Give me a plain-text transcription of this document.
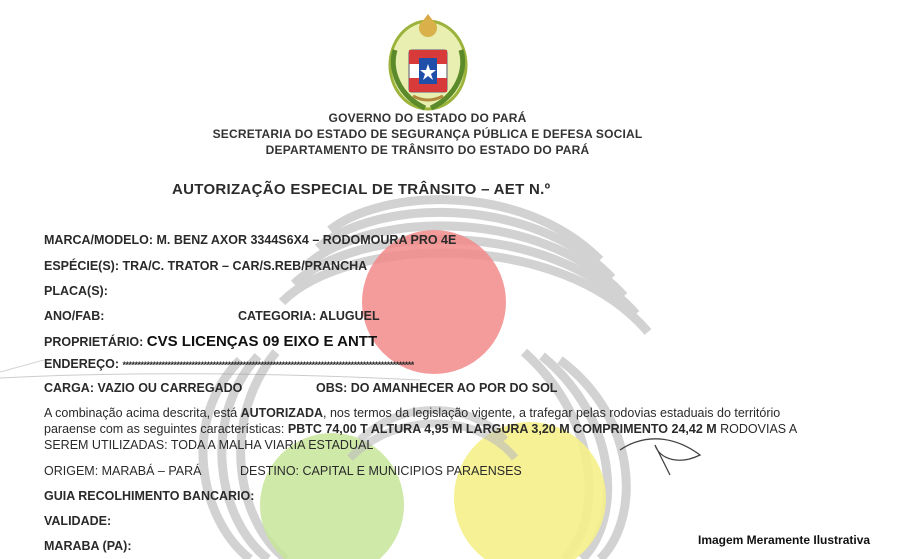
GOVERNO DO ESTADO DO PARÁ
SECRETARIA DO ESTADO DE SEGURANÇA PÚBLICA E DEFESA SOCIAL
DEPARTAMENTO DE TRÂNSITO DO ESTADO DO PARÁ
AUTORIZAÇÃO ESPECIAL DE TRÂNSITO – AET N.º
MARCA/MODELO: M. BENZ AXOR 3344S6X4 – RODOMOURA PRO 4E
ESPÉCIE(S): TRA/C. TRATOR – CAR/S.REB/PRANCHA
PLACA(S):
ANO/FAB:	CATEGORIA: ALUGUEL
PROPRIETÁRIO: CVS LICENÇAS 09 EIXO E ANTT
ENDEREÇO: *************************************************************************************************
CARGA: VAZIO OU CARREGADO	OBS: DO AMANHECER AO POR DO SOL
A combinação acima descrita, está AUTORIZADA, nos termos da legislação vigente, a trafegar pelas rodovias estaduais do território paraense com as seguintes características: PBTC 74,00 T ALTURA 4,95 M LARGURA 3,20 M COMPRIMENTO 24,42 M RODOVIAS A SEREM UTILIZADAS: TODA A MALHA VIARIA ESTADUAL
ORIGEM: MARABÁ – PARÁ	DESTINO: CAPITAL E MUNICIPIOS PARAENSES
GUIA RECOLHIMENTO BANCARIO:
VALIDADE:
MARABA (PA):	Imagem Meramente Ilustrativa
